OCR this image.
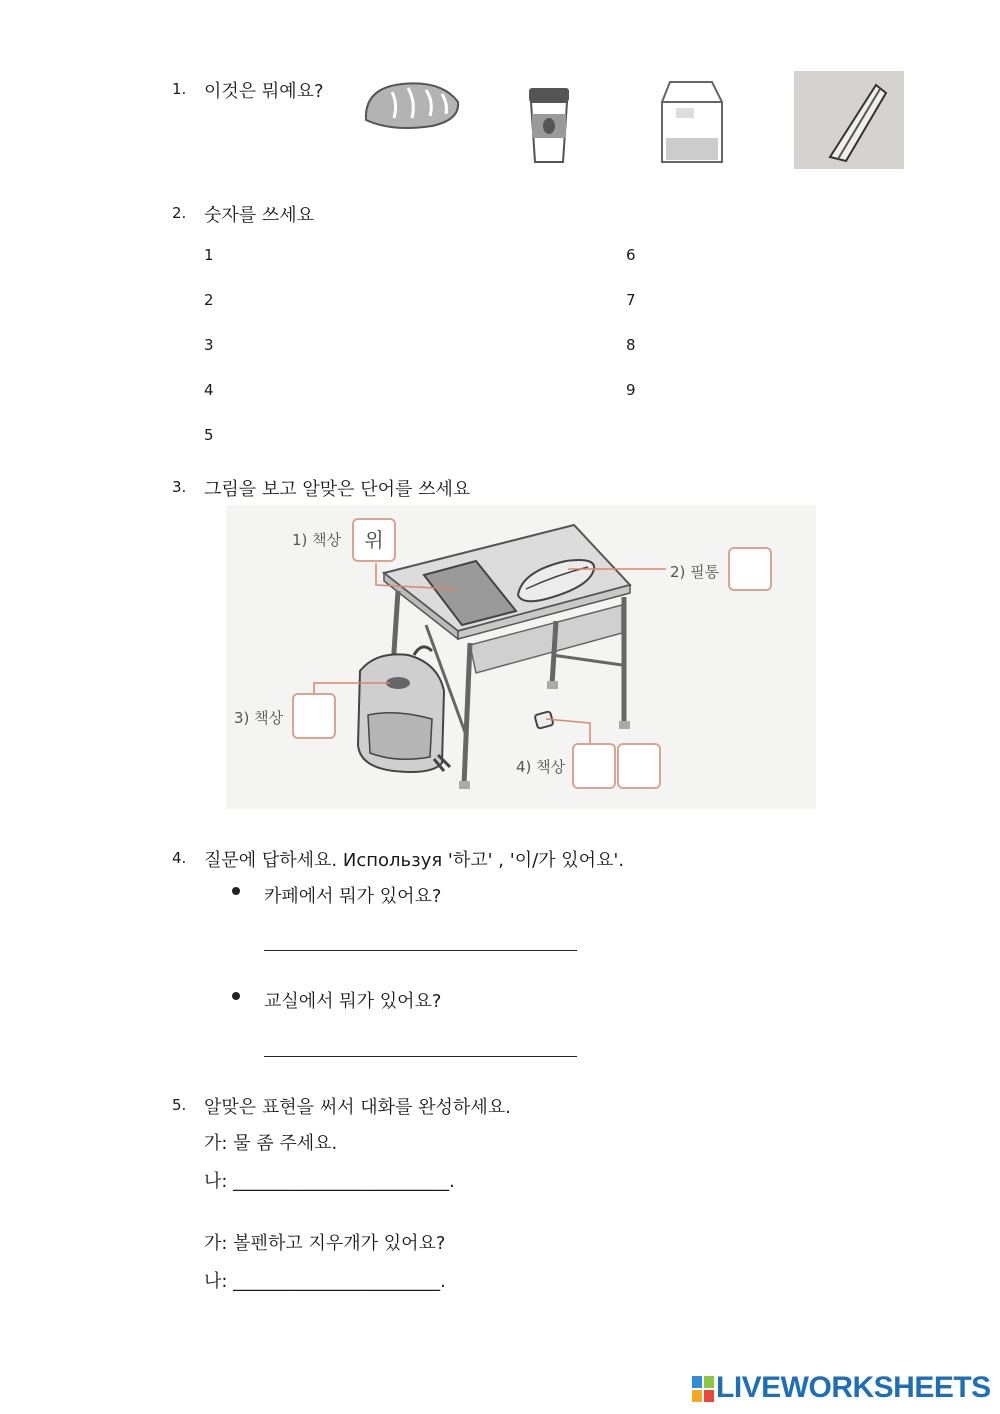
1. 이것은 뭐예요?
2. 숫자를 쓰세요
1
2
3
4
5
6
7
8
9
3. 그림을 보고 알맞은 단어를 쓰세요
1) 책상	위
2) 필통
3) 책상
4) 책상
4. 질문에 답하세요. Используя '하고' , '이/가 있어요'.
카페에서 뭐가 있어요?
교실에서 뭐가 있어요?
5. 알맞은 표현을 써서 대화를 완성하세요.
가: 물 좀 주세요.
나: ________________________.
가: 볼펜하고 지우개가 있어요?
나: _______________________.
LIVEWORKSHEETS
